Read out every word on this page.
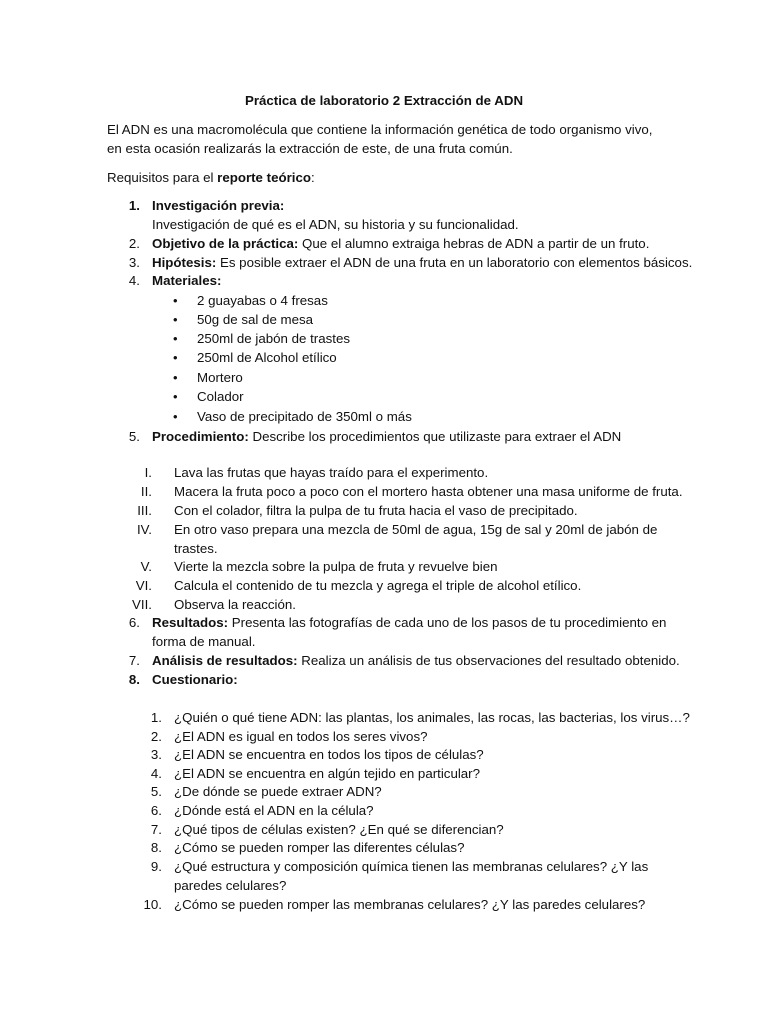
Práctica de laboratorio 2 Extracción de ADN
El ADN es una macromolécula que contiene la información genética de todo organismo vivo, en esta ocasión realizarás la extracción de este, de una fruta común.
Requisitos para el reporte teórico:
1. Investigación previa:
Investigación de qué es el ADN, su historia y su funcionalidad.
2. Objetivo de la práctica: Que el alumno extraiga hebras de ADN a partir de un fruto.
3. Hipótesis: Es posible extraer el ADN de una fruta en un laboratorio con elementos básicos.
4. Materiales:
• 2 guayabas o 4 fresas
• 50g de sal de mesa
• 250ml de jabón de trastes
• 250ml de Alcohol etílico
• Mortero
• Colador
• Vaso de precipitado de 350ml o más
5. Procedimiento: Describe los procedimientos que utilizaste para extraer el ADN
I. Lava las frutas que hayas traído para el experimento.
II. Macera la fruta poco a poco con el mortero hasta obtener una masa uniforme de fruta.
III. Con el colador, filtra la pulpa de tu fruta hacia el vaso de precipitado.
IV. En otro vaso prepara una mezcla de 50ml de agua, 15g de sal y 20ml de jabón de
trastes.
V. Vierte la mezcla sobre la pulpa de fruta y revuelve bien
VI. Calcula el contenido de tu mezcla y agrega el triple de alcohol etílico.
VII. Observa la reacción.
6. Resultados: Presenta las fotografías de cada uno de los pasos de tu procedimiento en
forma de manual.
7. Análisis de resultados: Realiza un análisis de tus observaciones del resultado obtenido.
8. Cuestionario:
1. ¿Quién o qué tiene ADN: las plantas, los animales, las rocas, las bacterias, los virus…?
2. ¿El ADN es igual en todos los seres vivos?
3. ¿El ADN se encuentra en todos los tipos de células?
4. ¿El ADN se encuentra en algún tejido en particular?
5. ¿De dónde se puede extraer ADN?
6. ¿Dónde está el ADN en la célula?
7. ¿Qué tipos de células existen? ¿En qué se diferencian?
8. ¿Cómo se pueden romper las diferentes células?
9. ¿Qué estructura y composición química tienen las membranas celulares? ¿Y las
paredes celulares?
10. ¿Cómo se pueden romper las membranas celulares? ¿Y las paredes celulares?
